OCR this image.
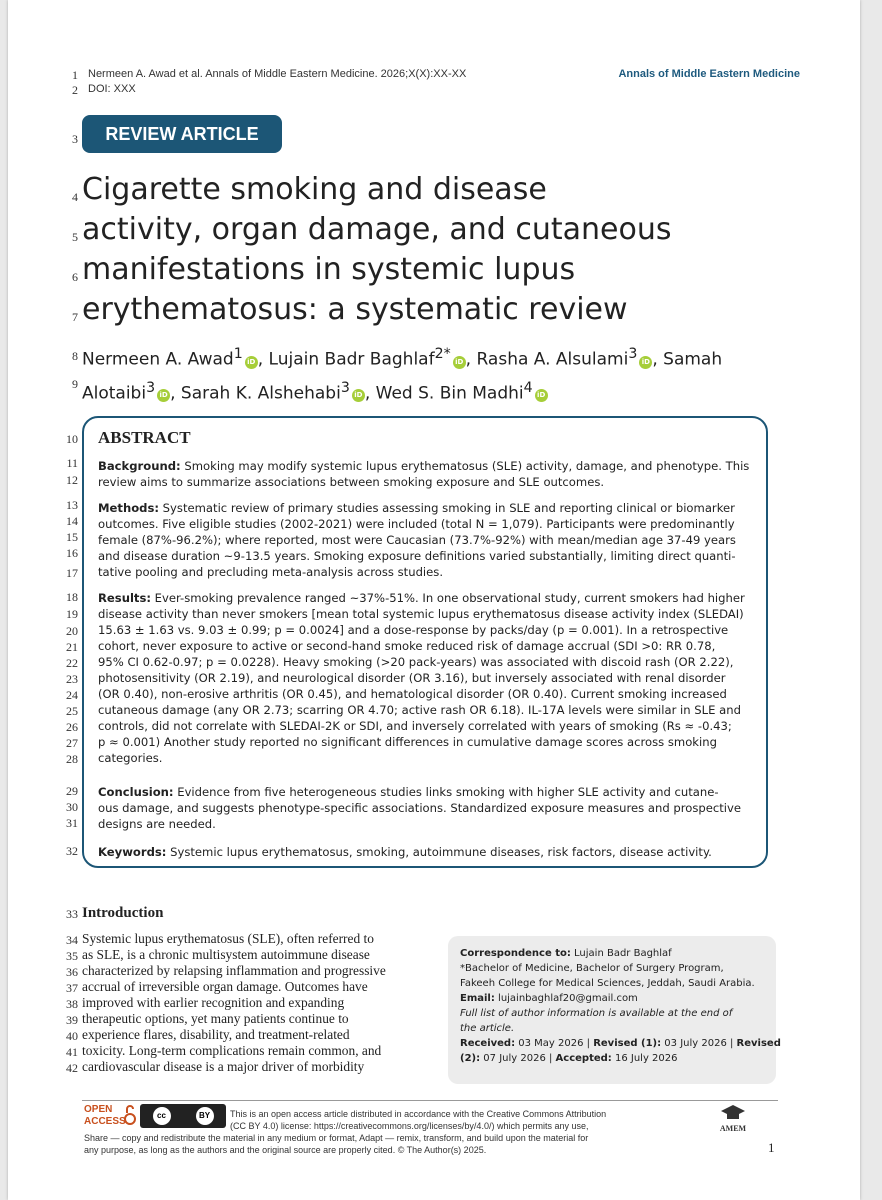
Nermeen A. Awad et al. Annals of Middle Eastern Medicine. 2026;X(X):XX-XX
DOI: XXX
Annals of Middle Eastern Medicine
1
2
3
4
5
6
7
8
9
10
11
12
13
14
15
16
17
18
19
20
21
22
23
24
25
26
27
28
29
30
31
32
33
34
35
36
37
38
39
40
41
42
REVIEW ARTICLE
Cigarette smoking and disease
activity, organ damage, and cutaneous
manifestations in systemic lupus
erythematosus: a systematic review
Nermeen A. Awad$^1$ iD , Lujain Badr Baghlaf$^{2*}$ iD , Rasha A. Alsulami$^3$ iD , Samah
Alotaibi$^3$ iD , Sarah K. Alshehabi$^3$ iD , Wed S. Bin Madhi$^4$ iD
ABSTRACT
Background: Smoking may modify systemic lupus erythematosus (SLE) activity, damage, and phenotype. This
review aims to summarize associations between smoking exposure and SLE outcomes.
Methods: Systematic review of primary studies assessing smoking in SLE and reporting clinical or biomarker
outcomes. Five eligible studies (2002-2021) were included (total N = 1,079). Participants were predominantly
female (87%-96.2%); where reported, most were Caucasian (73.7%-92%) with mean/median age 37-49 years
and disease duration ~9-13.5 years. Smoking exposure definitions varied substantially, limiting direct quanti-
tative pooling and precluding meta-analysis across studies.
Results: Ever-smoking prevalence ranged ~37%-51%. In one observational study, current smokers had higher
disease activity than never smokers [mean total systemic lupus erythematosus disease activity index (SLEDAI)
15.63 ± 1.63 vs. 9.03 ± 0.99; p = 0.0024] and a dose-response by packs/day (p = 0.001). In a retrospective
cohort, never exposure to active or second-hand smoke reduced risk of damage accrual (SDI >0: RR 0.78,
95% CI 0.62-0.97; p = 0.0228). Heavy smoking (>20 pack-years) was associated with discoid rash (OR 2.22),
photosensitivity (OR 2.19), and neurological disorder (OR 3.16), but inversely associated with renal disorder
(OR 0.40), non-erosive arthritis (OR 0.45), and hematological disorder (OR 0.40). Current smoking increased
cutaneous damage (any OR 2.73; scarring OR 4.70; active rash OR 6.18). IL-17A levels were similar in SLE and
controls, did not correlate with SLEDAI-2K or SDI, and inversely correlated with years of smoking (Rs ≈ -0.43;
p ≈ 0.001) Another study reported no significant differences in cumulative damage scores across smoking
categories.
Conclusion: Evidence from five heterogeneous studies links smoking with higher SLE activity and cutane-
ous damage, and suggests phenotype-specific associations. Standardized exposure measures and prospective
designs are needed.
Keywords: Systemic lupus erythematosus, smoking, autoimmune diseases, risk factors, disease activity.
Introduction
Systemic lupus erythematosus (SLE), often referred to
as SLE, is a chronic multisystem autoimmune disease
characterized by relapsing inflammation and progressive
accrual of irreversible organ damage. Outcomes have
improved with earlier recognition and expanding
therapeutic options, yet many patients continue to
experience flares, disability, and treatment-related
toxicity. Long-term complications remain common, and
cardiovascular disease is a major driver of morbidity
Correspondence to: Lujain Badr Baghlaf
*Bachelor of Medicine, Bachelor of Surgery Program,
Fakeeh College for Medical Sciences, Jeddah, Saudi Arabia.
Email: lujainbaghlaf20@gmail.com
Full list of author information is available at the end of
the article.
Received: 03 May 2026 | Revised (1): 03 July 2026 | Revised
(2): 07 July 2026 | Accepted: 16 July 2026
OPEN
ACCESS
cc	BY	This is an open access article distributed in accordance with the Creative Commons Attribution
(CC BY 4.0) license: https://creativecommons.org/licenses/by/4.0/) which permits any use,
Share — copy and redistribute the material in any medium or format, Adapt — remix, transform, and build upon the material for
any purpose, as long as the authors and the original source are properly cited. © The Author(s) 2025.
AMEM
1
